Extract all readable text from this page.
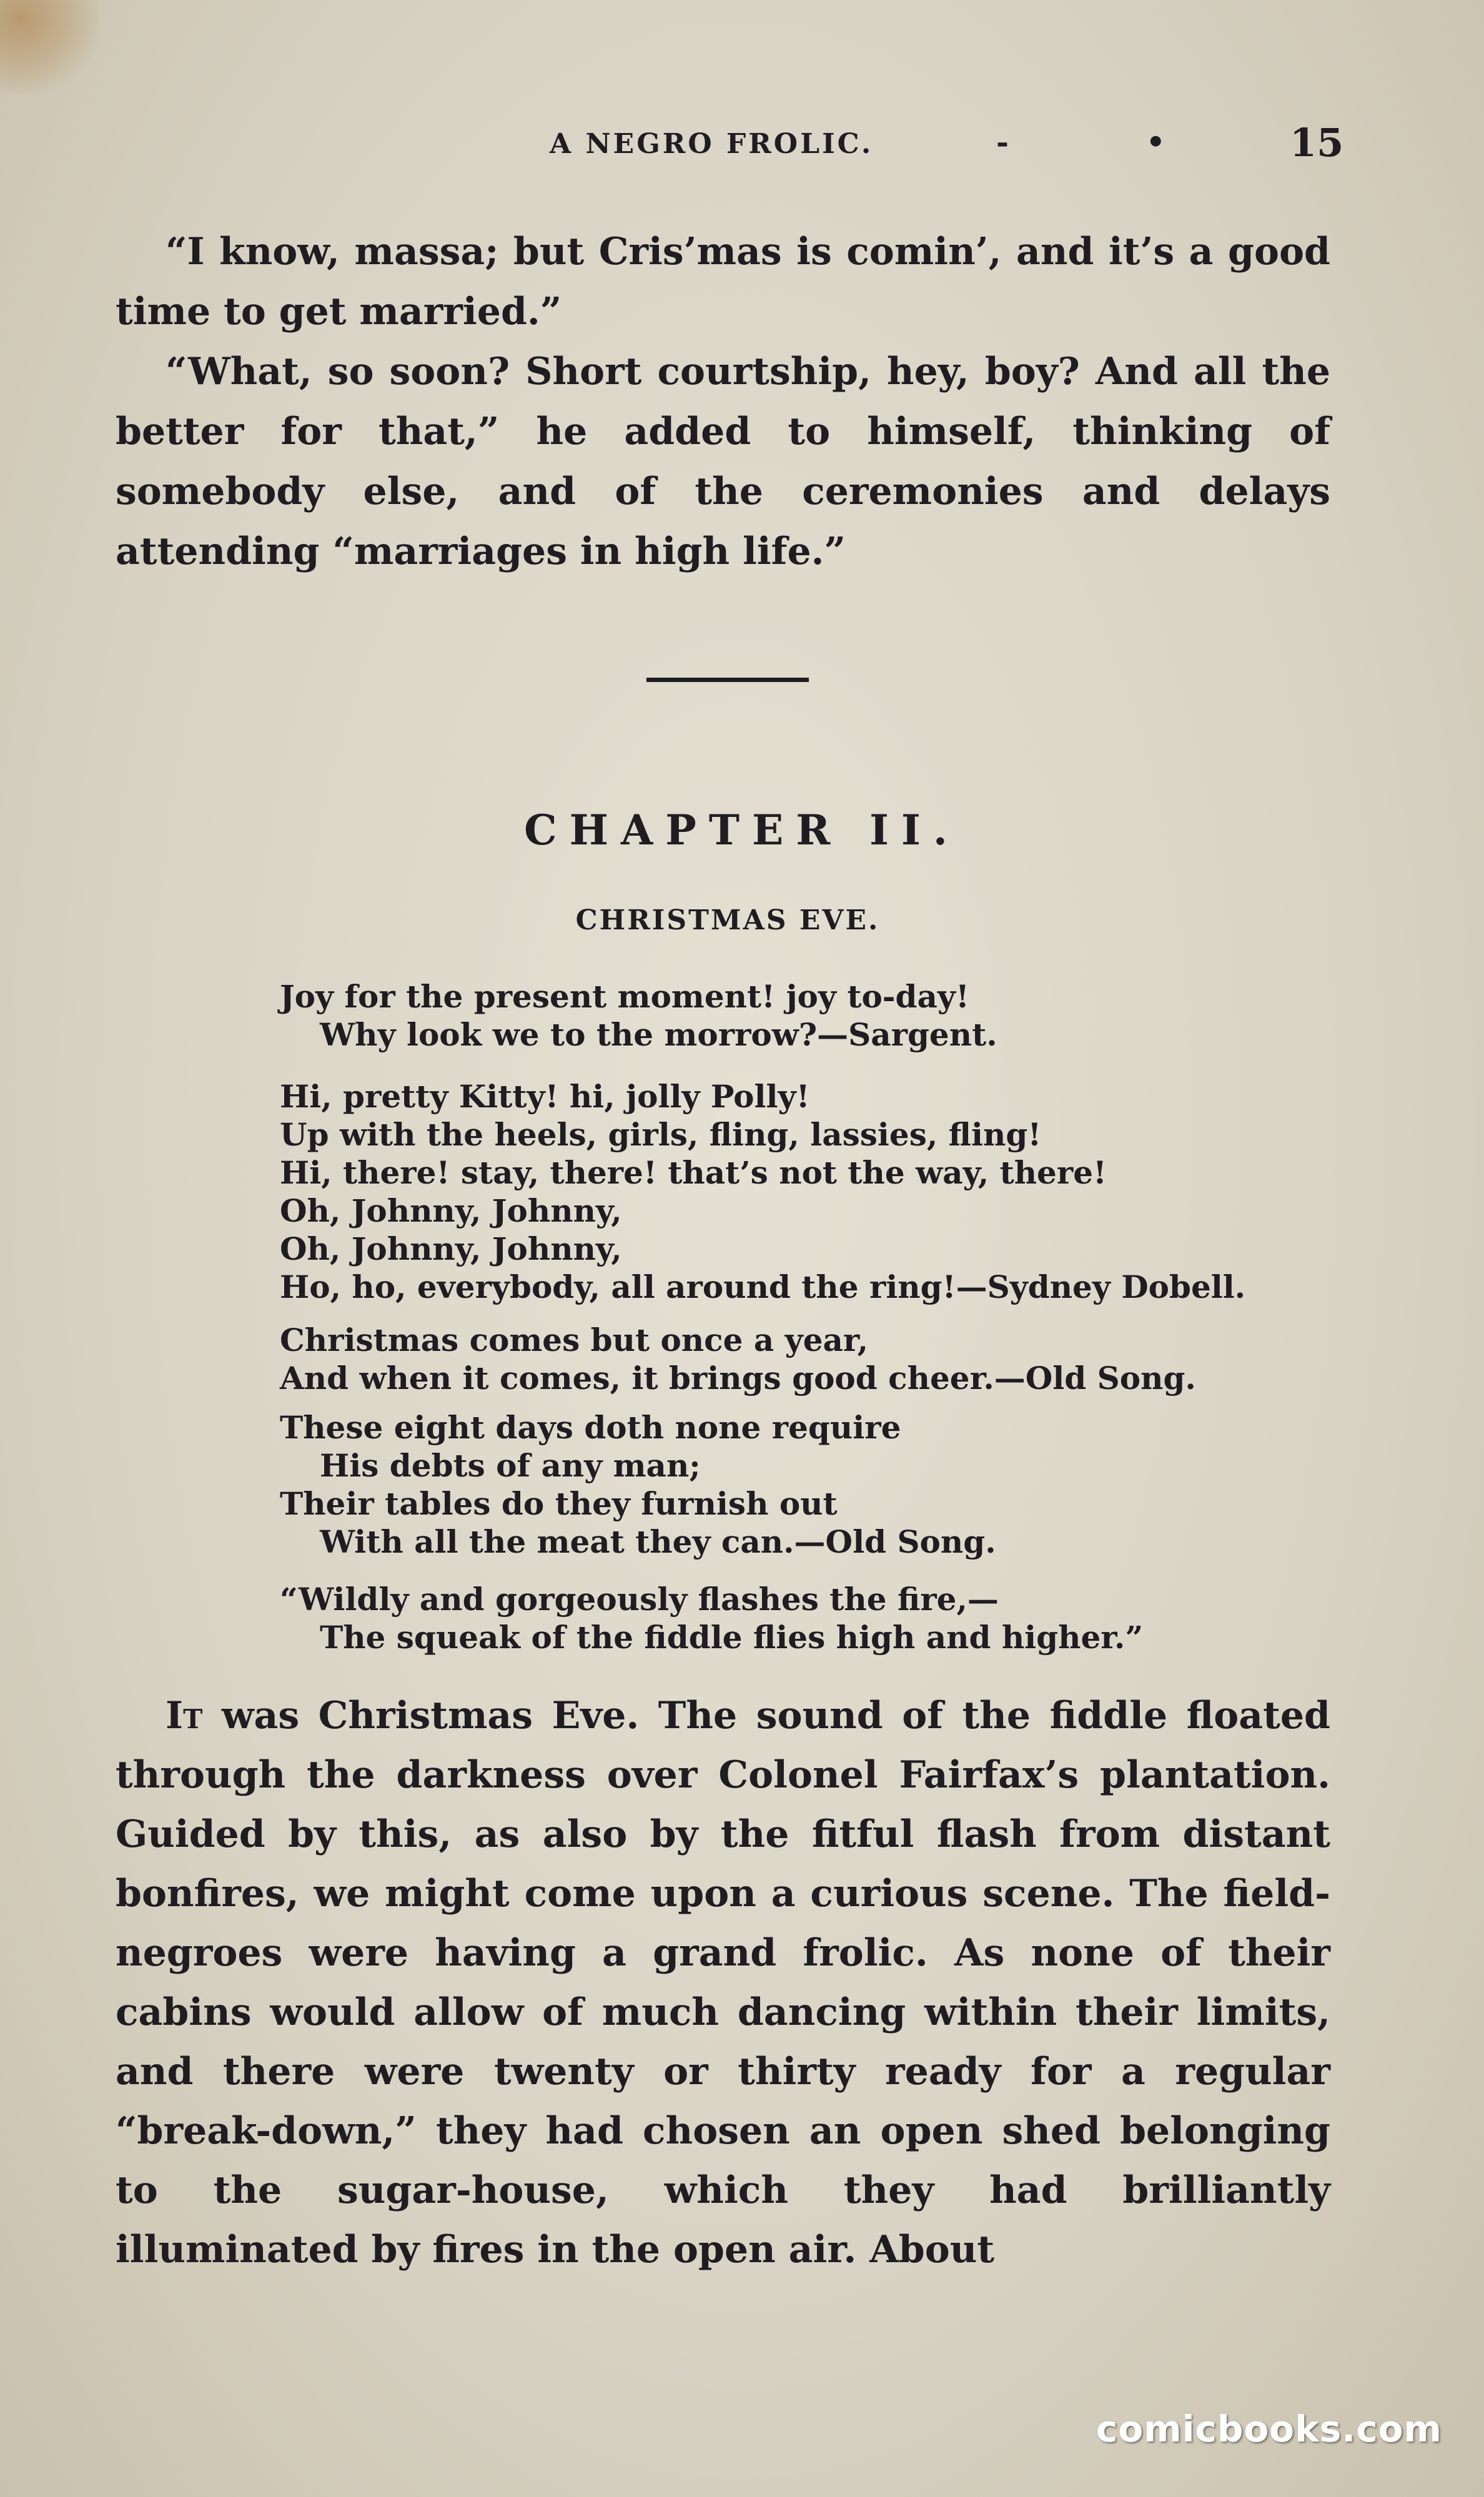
A NEGRO FROLIC.	-	•	15

“I know, massa; but Cris’mas is comin’, and it’s a good time to get married.”

“What, so soon? Short courtship, hey, boy? And all the better for that,” he added to himself, thinking of somebody else, and of the ceremonies and delays attending “marriages in high life.”

CHAPTER II.
CHRISTMAS EVE.
Joy for the present moment! joy to-day!
Why look we to the morrow?—Sargent.
Hi, pretty Kitty! hi, jolly Polly!
Up with the heels, girls, fling, lassies, fling!
Hi, there! stay, there! that’s not the way, there!
Oh, Johnny, Johnny,
Oh, Johnny, Johnny,
Ho, ho, everybody, all around the ring!—Sydney Dobell.
Christmas comes but once a year,
And when it comes, it brings good cheer.—Old Song.
These eight days doth none require
His debts of any man;
Their tables do they furnish out
With all the meat they can.—Old Song.
“Wildly and gorgeously flashes the fire,—
The squeak of the fiddle flies high and higher.”

It was Christmas Eve. The sound of the fiddle floated through the darkness over Colonel Fairfax’s plantation. Guided by this, as also by the fitful flash from distant bonfires, we might come upon a curious scene. The field-negroes were having a grand frolic. As none of their cabins would allow of much dancing within their limits, and there were twenty or thirty ready for a regular “break-down,” they had chosen an open shed belonging to the sugar-house, which they had brilliantly illuminated by fires in the open air. About

comicbooks.com
